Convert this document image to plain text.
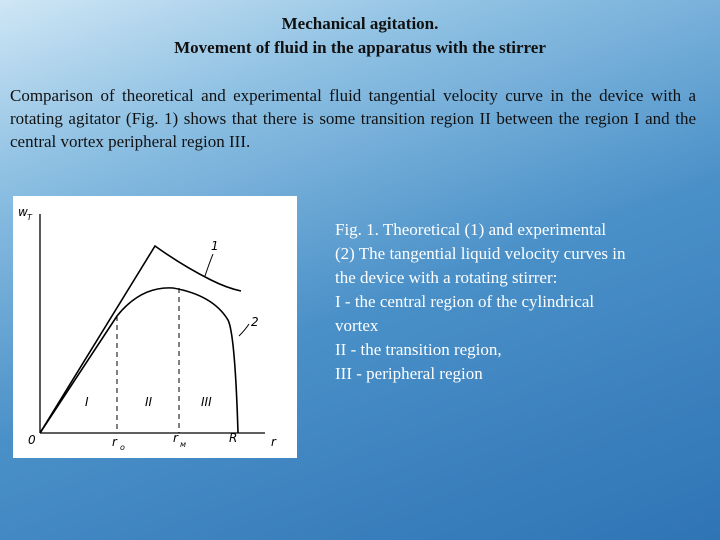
Mechanical agitation.
Movement of fluid in the apparatus with the stirrer
Comparison of theoretical and experimental fluid tangential velocity curve in the device with a rotating agitator (Fig. 1) shows that there is some transition region II between the region I and the central vortex peripheral region III.
w T
r
0	r o
r м	R
I	II	III
1
2
Fig. 1. Theoretical (1) and experimental
(2) The tangential liquid velocity curves in
the device with a rotating stirrer:
I - the central region of the cylindrical
vortex
II - the transition region,
III - peripheral region
